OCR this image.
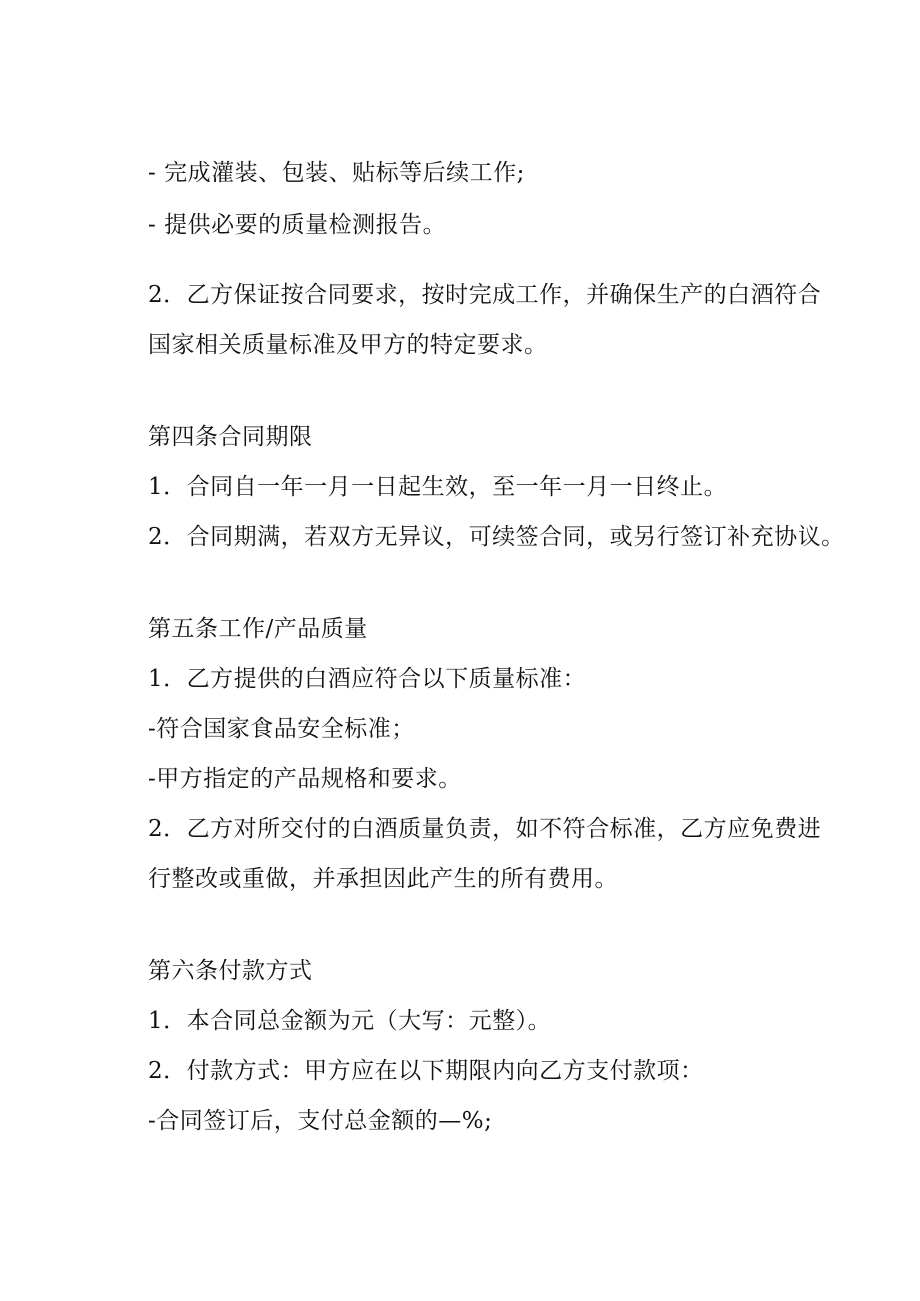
- 完成灌装、包装、贴标等后续工作;
- 提供必要的质量检测报告。
2．乙方保证按合同要求，按时完成工作，并确保生产的白酒符合
国家相关质量标准及甲方的特定要求。
第四条合同期限
1．合同自一年一月一日起生效，至一年一月一日终止。
2．合同期满，若双方无异议，可续签合同，或另行签订补充协议。
第五条工作/产品质量
1．乙方提供的白酒应符合以下质量标准：
-符合国家食品安全标准；
-甲方指定的产品规格和要求。
2．乙方对所交付的白酒质量负责，如不符合标准，乙方应免费进
行整改或重做，并承担因此产生的所有费用。
第六条付款方式
1．本合同总金额为元（大写：元整）。
2．付款方式：甲方应在以下期限内向乙方支付款项：
-合同签订后，支付总金额的—%;
